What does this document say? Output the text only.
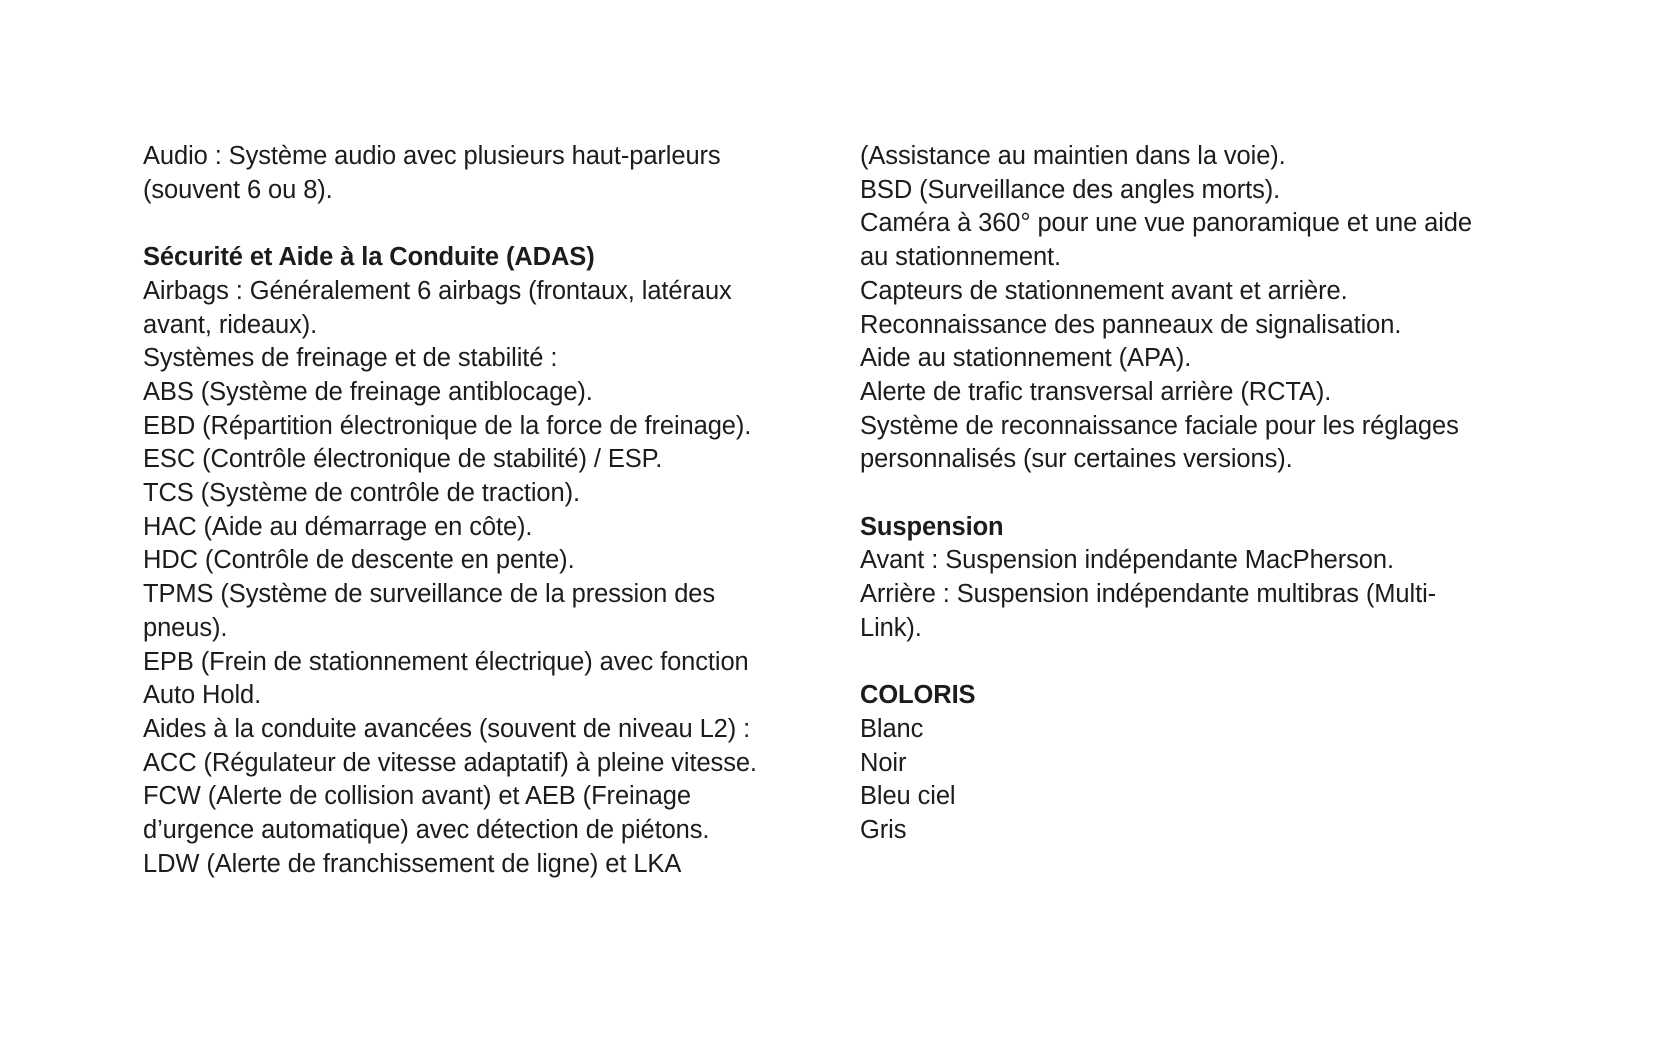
Audio : Système audio avec plusieurs haut-parleurs
(souvent 6 ou 8).
Sécurité et Aide à la Conduite (ADAS)
Airbags : Généralement 6 airbags (frontaux, latéraux
avant, rideaux).
Systèmes de freinage et de stabilité :
ABS (Système de freinage antiblocage).
EBD (Répartition électronique de la force de freinage).
ESC (Contrôle électronique de stabilité) / ESP.
TCS (Système de contrôle de traction).
HAC (Aide au démarrage en côte).
HDC (Contrôle de descente en pente).
TPMS (Système de surveillance de la pression des
pneus).
EPB (Frein de stationnement électrique) avec fonction
Auto Hold.
Aides à la conduite avancées (souvent de niveau L2) :
ACC (Régulateur de vitesse adaptatif) à pleine vitesse.
FCW (Alerte de collision avant) et AEB (Freinage
d’urgence automatique) avec détection de piétons.
LDW (Alerte de franchissement de ligne) et LKA
(Assistance au maintien dans la voie).
BSD (Surveillance des angles morts).
Caméra à 360° pour une vue panoramique et une aide
au stationnement.
Capteurs de stationnement avant et arrière.
Reconnaissance des panneaux de signalisation.
Aide au stationnement (APA).
Alerte de trafic transversal arrière (RCTA).
Système de reconnaissance faciale pour les réglages
personnalisés (sur certaines versions).
Suspension
Avant : Suspension indépendante MacPherson.
Arrière : Suspension indépendante multibras (Multi-
Link).
COLORIS
Blanc
Noir
Bleu ciel
Gris
